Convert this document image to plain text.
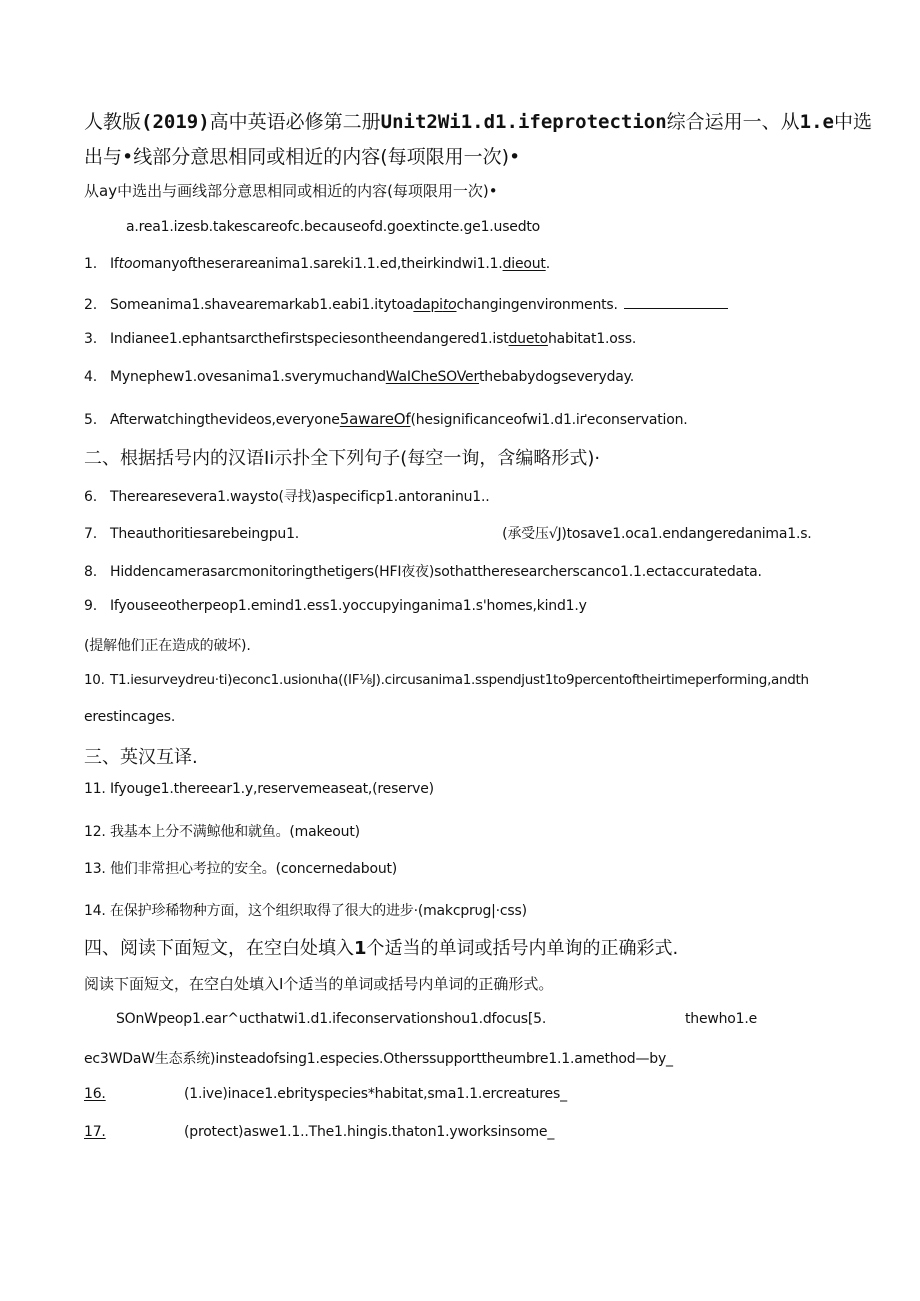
人教版(2019)高中英语必修第二册Unit2Wi1.d1.ifeprotection综合运用一、从1.e中选
出与•线部分意思相同或相近的内容(每项限用一次)•
从ay中选出与画线部分意思相同或相近的内容(每项限用一次)•
a.rea1.izesb.takescareofc.becauseofd.goextincte.ge1.usedto
1. Iftoomanyoftheserareanima1.sareki1.1.ed,theirkindwi1.1.dieout.
2. Someanima1.shavearemarkab1.eabi1.itytoadapitochangingenvironments.
3. Indianee1.ephantsarcthefirstspeciesontheendangered1.istduetohabitat1.oss.
4. Mynephew1.ovesanima1.sverymuchandWaICheSOVerthebabydogseveryday.
5. Afterwatchingthevideos,everyone5awareOf(hesignificanceofwi1.d1.iґeconservation.
二、根据括号内的汉语Ii示扑全下列句子(每空一询，含编略形式)·
6. Therearesevera1.waysto(寻找)aspecificp1.antoraninu1..
7. Theauthoritiesarebeingpu1.	(承受压√J)tosave1.oca1.endangeredanima1.s.
8. Hiddencamerasarcmonitoringthetigers(HFI夜夜)sothattheresearcherscanco1.1.ectaccuratedata.
9. Ifyouseeotherpeop1.emind1.ess1.yoccupyinganima1.s'homes,kind1.y
(提解他们正在造成的破坏).
10. T1.iesurveydreu·ti)econc1.usionιha((ΙF⅛J).circusanima1.sspendjust1to9percentoftheirtimeperforming,andth
erestincages.
三、英汉互译.
11. Ifyouge1.thereear1.y,reservemeaseat,(reserve)
12. 我基本上分不满鲸他和就鱼。(makeout)
13. 他们非常担心考拉的安全。(concernedabout)
14. 在保护珍稀物种方面，这个组织取得了很大的进步·(makcprυg|·css)
四、阅读下面短文，在空白处填入1个适当的单词或括号内单询的正确彩式.
阅读下面短文，在空白处填入I个适当的单词或括号内单词的正确形式。
SOnWpeop1.ear^ucthatwi1.d1.ifeconservationshou1.dfocus[5.	thewho1.e
ec3WDaW生态系统)insteadofsing1.especies.Otherssupporttheumbre1.1.amethod—by_
16.	(1.ive)inace1.ebrityspecies*habitat,sma1.1.ercreatures_
17.	(protect)aswe1.1..The1.hingis.thaton1.yworksinsome_
